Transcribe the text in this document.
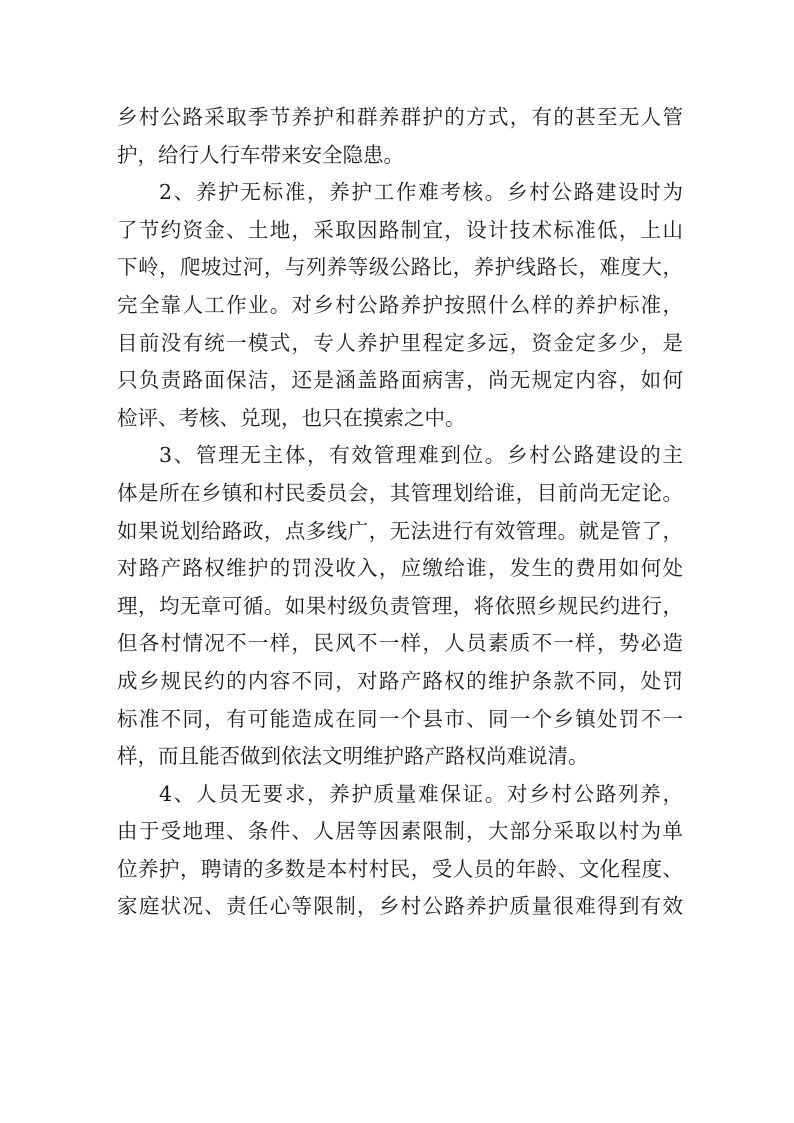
乡村公路采取季节养护和群养群护的方式，有的甚至无人管
护，给行人行车带来安全隐患。
2、养护无标准，养护工作难考核。乡村公路建设时为
了节约资金、土地，采取因路制宜，设计技术标准低，上山
下岭，爬坡过河，与列养等级公路比，养护线路长，难度大，
完全靠人工作业。对乡村公路养护按照什么样的养护标准，
目前没有统一模式，专人养护里程定多远，资金定多少，是
只负责路面保洁，还是涵盖路面病害，尚无规定内容，如何
检评、考核、兑现，也只在摸索之中。
3、管理无主体，有效管理难到位。乡村公路建设的主
体是所在乡镇和村民委员会，其管理划给谁，目前尚无定论。
如果说划给路政，点多线广，无法进行有效管理。就是管了，
对路产路权维护的罚没收入，应缴给谁，发生的费用如何处
理，均无章可循。如果村级负责管理，将依照乡规民约进行，
但各村情况不一样，民风不一样，人员素质不一样，势必造
成乡规民约的内容不同，对路产路权的维护条款不同，处罚
标准不同，有可能造成在同一个县市、同一个乡镇处罚不一
样，而且能否做到依法文明维护路产路权尚难说清。
4、人员无要求，养护质量难保证。对乡村公路列养，
由于受地理、条件、人居等因素限制，大部分采取以村为单
位养护，聘请的多数是本村村民，受人员的年龄、文化程度、
家庭状况、责任心等限制，乡村公路养护质量很难得到有效
